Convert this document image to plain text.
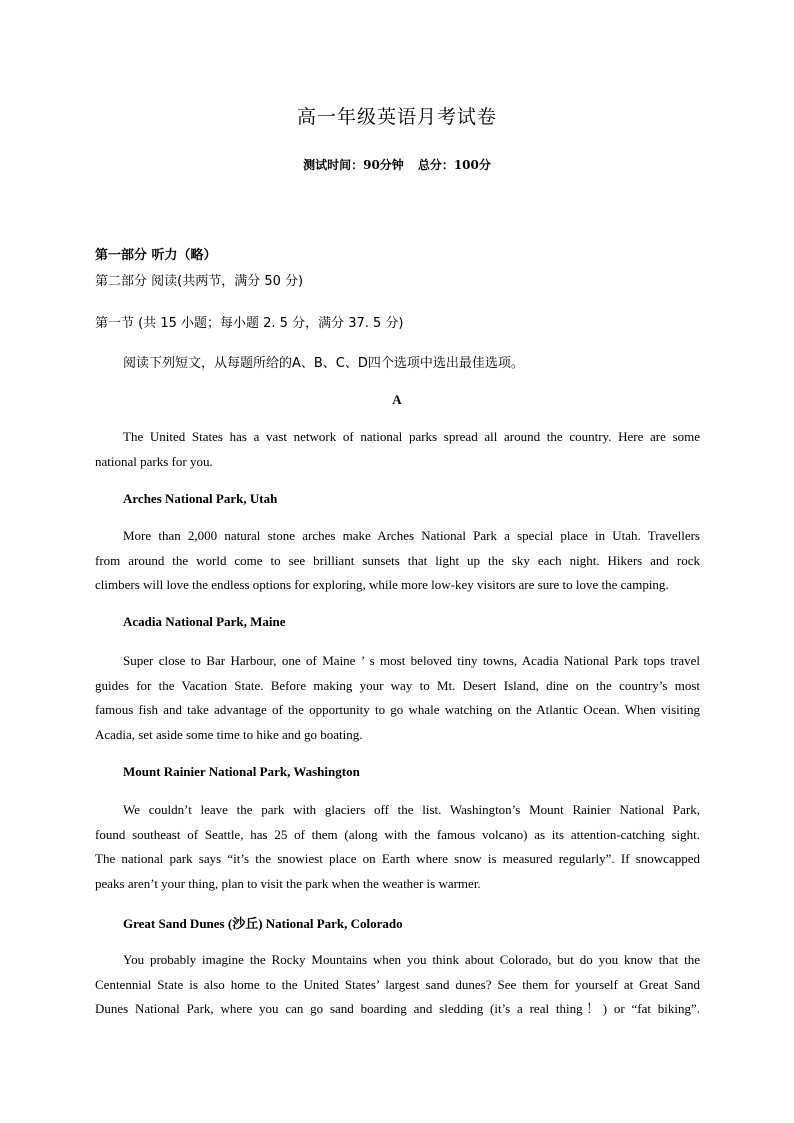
高一年级英语月考试卷
测试时间：90分钟 总分：100分
第一部分 听力（略）
第二部分 阅读(共两节，满分 50 分)
第一节 (共 15 小题；每小题 2. 5 分，满分 37. 5 分)
阅读下列短文，从每题所给的A、B、C、D四个选项中选出最佳选项。
A
The United States has a vast network of national parks spread all around the country. Here are some
national parks for you.
Arches National Park, Utah
More than 2,000 natural stone arches make Arches National Park a special place in Utah. Travellers
from around the world come to see brilliant sunsets that light up the sky each night. Hikers and rock
climbers will love the endless options for exploring, while more low-key visitors are sure to love the camping.
Acadia National Park, Maine
Super close to Bar Harbour, one of Maine ’ s most beloved tiny towns, Acadia National Park tops travel
guides for the Vacation State. Before making your way to Mt. Desert Island, dine on the country’s most
famous fish and take advantage of the opportunity to go whale watching on the Atlantic Ocean. When visiting
Acadia, set aside some time to hike and go boating.
Mount Rainier National Park, Washington
We couldn’t leave the park with glaciers off the list. Washington’s Mount Rainier National Park,
found southeast of Seattle, has 25 of them (along with the famous volcano) as its attention-catching sight.
The national park says “it’s the snowiest place on Earth where snow is measured regularly”. If snowcapped
peaks aren’t your thing, plan to visit the park when the weather is warmer.
Great Sand Dunes (沙丘) National Park, Colorado
You probably imagine the Rocky Mountains when you think about Colorado, but do you know that the
Centennial State is also home to the United States’ largest sand dunes? See them for yourself at Great Sand
Dunes National Park, where you can go sand boarding and sledding (it’s a real thing！) or “fat biking”.
